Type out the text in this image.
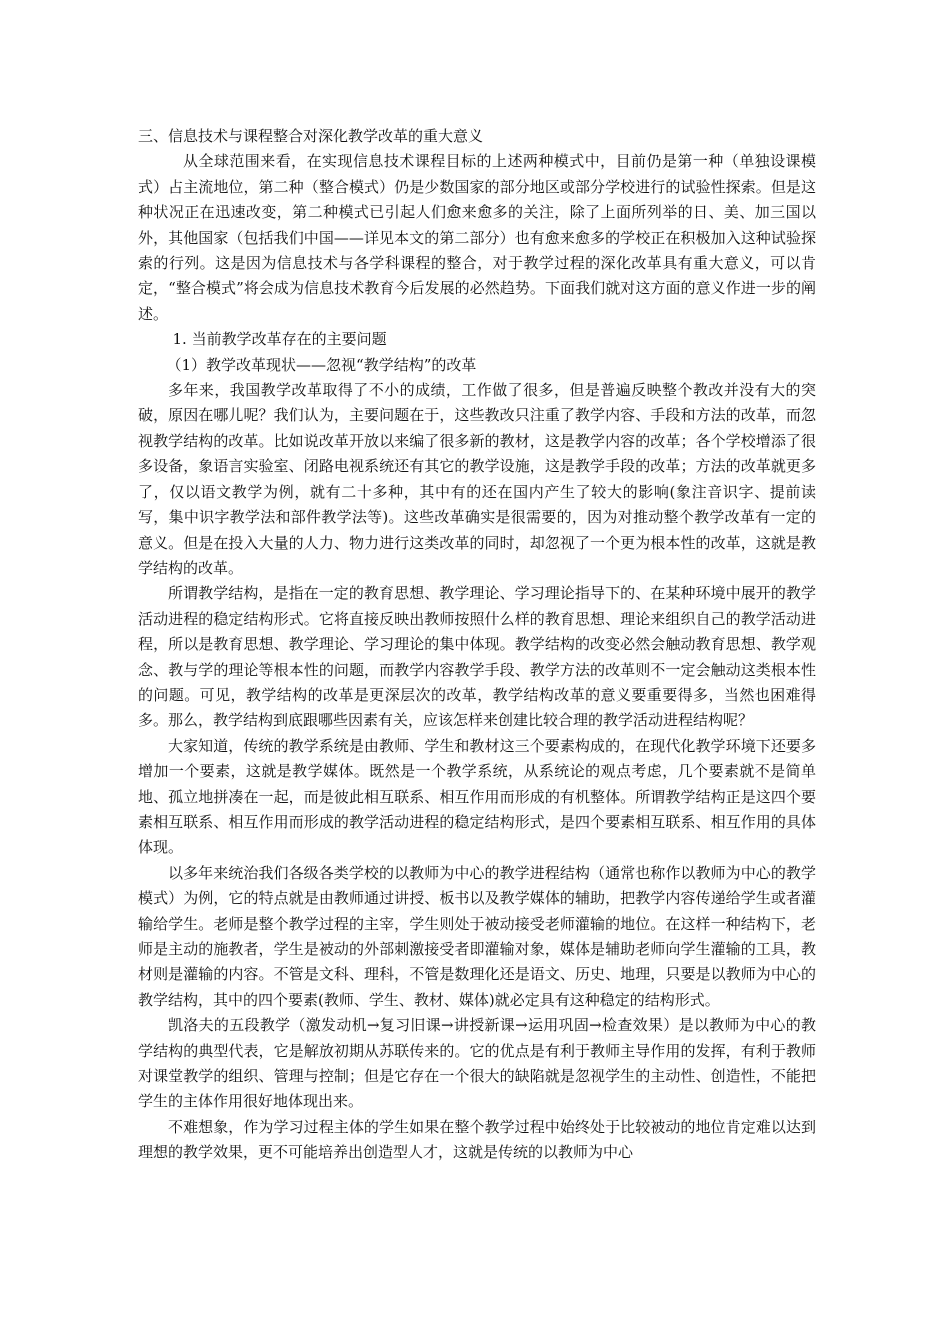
三、信息技术与课程整合对深化教学改革的重大意义

从全球范围来看，在实现信息技术课程目标的上述两种模式中，目前仍是第一种（单独设课模式）占主流地位，第二种（整合模式）仍是少数国家的部分地区或部分学校进行的试验性探索。但是这种状况正在迅速改变，第二种模式已引起人们愈来愈多的关注，除了上面所列举的日、美、加三国以外，其他国家（包括我们中国——详见本文的第二部分）也有愈来愈多的学校正在积极加入这种试验探索的行列。这是因为信息技术与各学科课程的整合，对于教学过程的深化改革具有重大意义，可以肯定，“整合模式”将会成为信息技术教育今后发展的必然趋势。下面我们就对这方面的意义作进一步的阐述。

1. 当前教学改革存在的主要问题

（1）教学改革现状——忽视“教学结构”的改革

多年来，我国教学改革取得了不小的成绩，工作做了很多，但是普遍反映整个教改并没有大的突破，原因在哪儿呢？我们认为，主要问题在于，这些教改只注重了教学内容、手段和方法的改革，而忽视教学结构的改革。比如说改革开放以来编了很多新的教材，这是教学内容的改革；各个学校增添了很多设备，象语言实验室、闭路电视系统还有其它的教学设施，这是教学手段的改革；方法的改革就更多了，仅以语文教学为例，就有二十多种，其中有的还在国内产生了较大的影响(象注音识字、提前读写，集中识字教学法和部件教学法等)。这些改革确实是很需要的，因为对推动整个教学改革有一定的意义。但是在投入大量的人力、物力进行这类改革的同时，却忽视了一个更为根本性的改革，这就是教学结构的改革。

所谓教学结构，是指在一定的教育思想、教学理论、学习理论指导下的、在某种环境中展开的教学活动进程的稳定结构形式。它将直接反映出教师按照什么样的教育思想、理论来组织自己的教学活动进程，所以是教育思想、教学理论、学习理论的集中体现。教学结构的改变必然会触动教育思想、教学观念、教与学的理论等根本性的问题，而教学内容教学手段、教学方法的改革则不一定会触动这类根本性的问题。可见，教学结构的改革是更深层次的改革，教学结构改革的意义要重要得多，当然也困难得多。那么，教学结构到底跟哪些因素有关，应该怎样来创建比较合理的教学活动进程结构呢？

大家知道，传统的教学系统是由教师、学生和教材这三个要素构成的，在现代化教学环境下还要多增加一个要素，这就是教学媒体。既然是一个教学系统，从系统论的观点考虑，几个要素就不是简单地、孤立地拼凑在一起，而是彼此相互联系、相互作用而形成的有机整体。所谓教学结构正是这四个要素相互联系、相互作用而形成的教学活动进程的稳定结构形式，是四个要素相互联系、相互作用的具体体现。

以多年来统治我们各级各类学校的以教师为中心的教学进程结构（通常也称作以教师为中心的教学模式）为例，它的特点就是由教师通过讲授、板书以及教学媒体的辅助，把教学内容传递给学生或者灌输给学生。老师是整个教学过程的主宰，学生则处于被动接受老师灌输的地位。在这样一种结构下，老师是主动的施教者，学生是被动的外部刺激接受者即灌输对象，媒体是辅助老师向学生灌输的工具，教材则是灌输的内容。不管是文科、理科，不管是数理化还是语文、历史、地理，只要是以教师为中心的教学结构，其中的四个要素(教师、学生、教材、媒体)就必定具有这种稳定的结构形式。

凯洛夫的五段教学（激发动机→复习旧课→讲授新课→运用巩固→检查效果）是以教师为中心的教学结构的典型代表，它是解放初期从苏联传来的。它的优点是有利于教师主导作用的发挥，有利于教师对课堂教学的组织、管理与控制；但是它存在一个很大的缺陷就是忽视学生的主动性、创造性，不能把学生的主体作用很好地体现出来。

不难想象，作为学习过程主体的学生如果在整个教学过程中始终处于比较被动的地位肯定难以达到理想的教学效果，更不可能培养出创造型人才，这就是传统的以教师为中心
